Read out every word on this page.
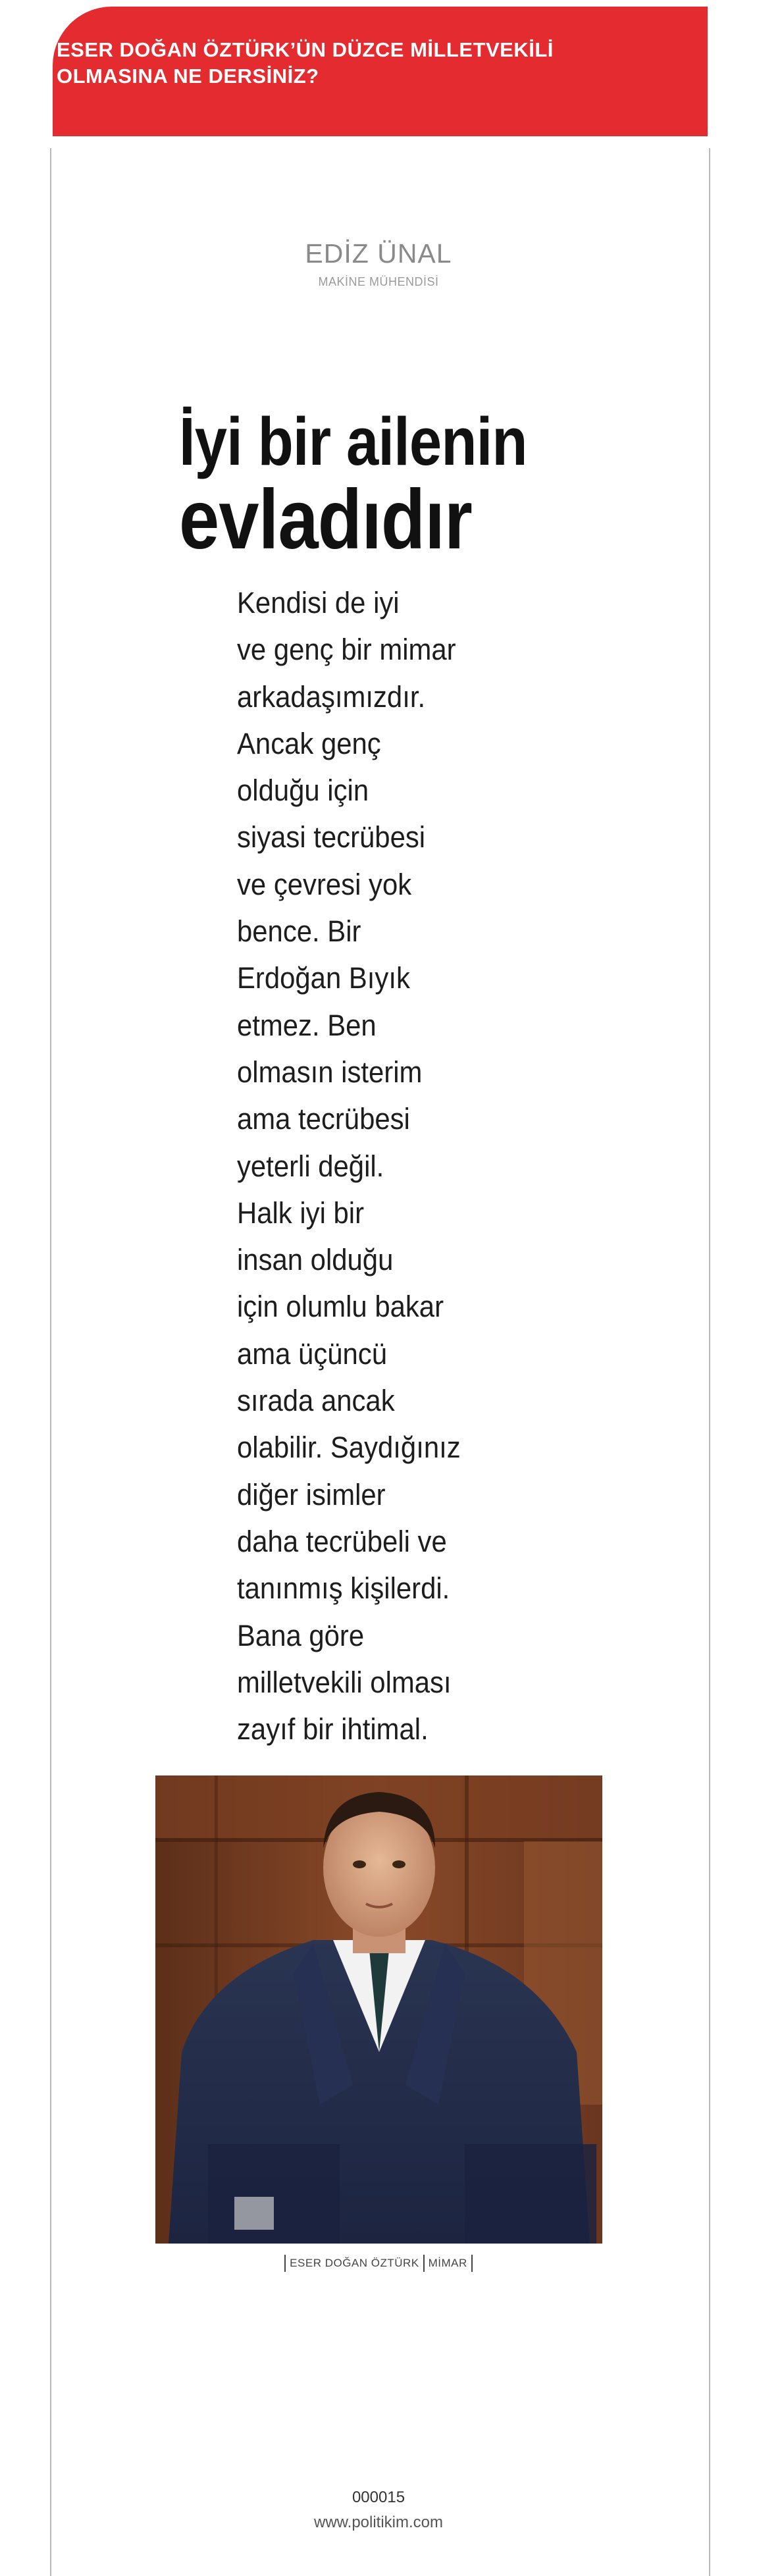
ESER DOĞAN ÖZTÜRK’ÜN DÜZCE MİLLETVEKİLİ
OLMASINA NE DERSİNİZ?
EDİZ ÜNAL
MAKİNE MÜHENDİSİ
İyi bir ailenin
evladıdır
Kendisi de iyi
ve genç bir mimar
arkadaşımızdır.
Ancak genç
olduğu için
siyasi tecrübesi
ve çevresi yok
bence. Bir
Erdoğan Bıyık
etmez. Ben
olmasın isterim
ama tecrübesi
yeterli değil.
Halk iyi bir
insan olduğu
için olumlu bakar
ama üçüncü
sırada ancak
olabilir. Saydığınız
diğer isimler
daha tecrübeli ve
tanınmış kişilerdi.
Bana göre
milletvekili olması
zayıf bir ihtimal.
ESER DOĞAN ÖZTÜRK MİMAR
000015
www.politikim.com
